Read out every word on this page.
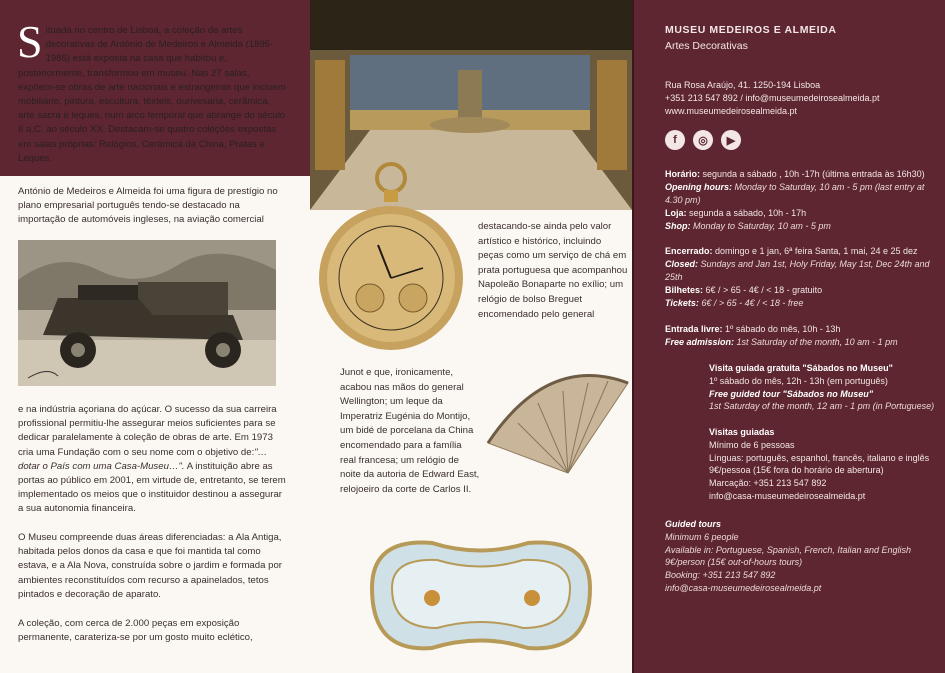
Situada no centro de Lisboa, a coleção de artes decorativas de António de Medeiros e Almeida (1895-1986) está exposta na casa que habitou e, posteriormente, transformou em museu. Nas 27 salas, expõem-se obras de arte nacionais e estrangeiras que incluem mobiliário, pintura, escultura, têxteis, ourivesaria, cerâmica, arte sacra e leques, num arco temporal que abrange do século II a.C. ao século XX. Destacam-se quatro coleções expostas em salas próprias: Relógios, Cerâmica da China, Pratas e Leques.
António de Medeiros e Almeida foi uma figura de prestígio no plano empresarial português tendo-se destacado na importação de automóveis ingleses, na aviação comercial
e na indústria açoriana do açúcar. O sucesso da sua carreira profissional permitiu-lhe assegurar meios suficientes para se dedicar paralelamente à coleção de obras de arte. Em 1973 cria uma Fundação com o seu nome com o objetivo de:"… dotar o País com uma Casa-Museu…". A instituição abre as portas ao público em 2001, em virtude de, entretanto, se terem implementado os meios que o instituidor destinou a assegurar a sua autonomia financeira.
O Museu compreende duas áreas diferenciadas: a Ala Antiga, habitada pelos donos da casa e que foi mantida tal como estava, e a Ala Nova, construída sobre o jardim e formada por ambientes reconstituídos com recurso a apainelados, tetos pintados e decoração de aparato.
A coleção, com cerca de 2.000 peças em exposição permanente, carateriza-se por um gosto muito eclético,
destacando-se ainda pelo valor artístico e histórico, incluindo peças como um serviço de chá em prata portuguesa que acompanhou Napoleão Bonaparte no exílio; um relógio de bolso Breguet encomendado pelo general
Junot e que, ironicamente, acabou nas mãos do general Wellington; um leque da Imperatriz Eugénia do Montijo, um bidé de porcelana da China encomendado para a família real francesa; um relógio de noite da autoria de Edward East, relojoeiro da corte de Carlos II.
MUSEU MEDEIROS E ALMEIDA
Artes Decorativas
Rua Rosa Araújo, 41. 1250-194 Lisboa
+351 213 547 892 / info@museumedeirosealmeida.pt
www.museumedeirosealmeida.pt
f	◎	▶
Horário: segunda a sábado , 10h -17h (última entrada às 16h30)
Opening hours: Monday to Saturday, 10 am - 5 pm (last entry at 4.30 pm)
Loja: segunda a sábado, 10h - 17h
Shop: Monday to Saturday, 10 am - 5 pm
Encerrado: domingo e 1 jan, 6ª feira Santa, 1 mai, 24 e 25 dez
Closed: Sundays and Jan 1st, Holy Friday, May 1st, Dec 24th and 25th
Bilhetes: 6€ / > 65 - 4€ / < 18 - gratuito
Tickets: 6€ / > 65 - 4€ / < 18 - free
Entrada livre: 1º sábado do mês, 10h - 13h
Free admission: 1st Saturday of the month, 10 am - 1 pm
Visita guiada gratuita "Sábados no Museu"
1º sábado do mês, 12h - 13h (em português)
Free guided tour "Sábados no Museu"
1st Saturday of the month, 12 am - 1 pm (in Portuguese)
Visitas guiadas
Mínimo de 6 pessoas
Línguas: português, espanhol, francês, italiano e inglês
9€/pessoa (15€ fora do horário de abertura)
Marcação: +351 213 547 892
info@casa-museumedeirosealmeida.pt
Guided tours
Minimum 6 people
Available in: Portuguese, Spanish, French, Italian and English
9€/person (15€ out-of-hours tours)
Booking: +351 213 547 892
info@casa-museumedeirosealmeida.pt
